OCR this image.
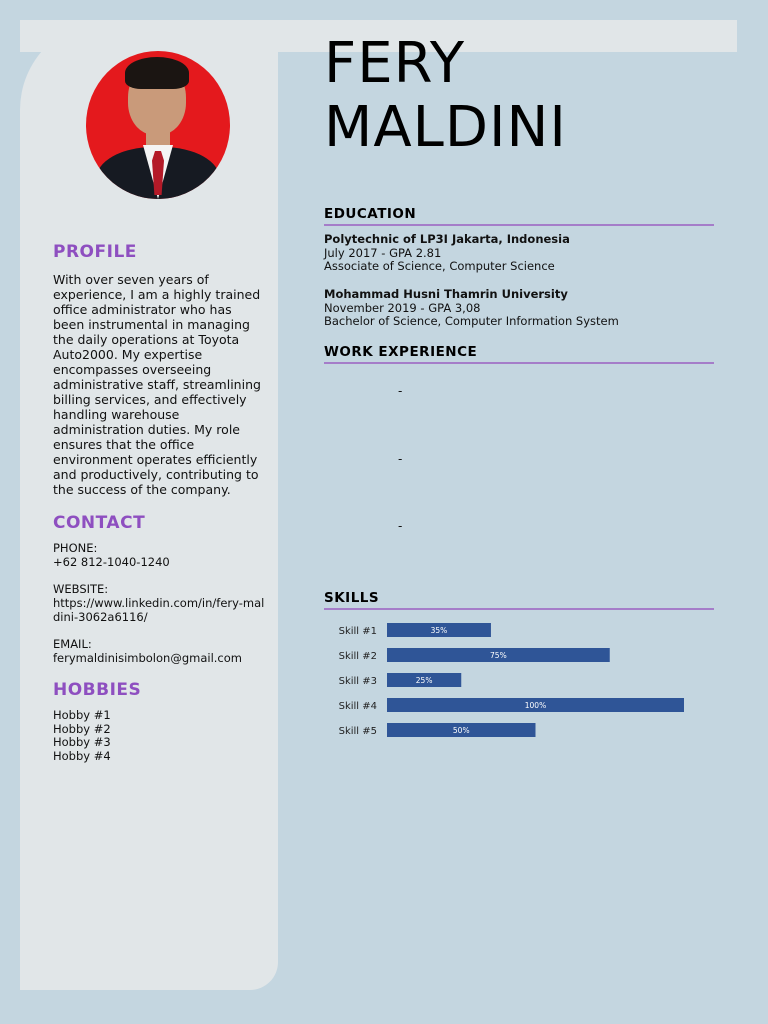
FERY
MALDINI
PROFILE

With over seven years of experience, I am a highly trained office administrator who has been instrumental in managing the daily operations at Toyota Auto2000. My expertise encompasses overseeing administrative staff, streamlining billing services, and effectively handling warehouse administration duties. My role ensures that the office environment operates efficiently and productively, contributing to the success of the company.

CONTACT

PHONE:
+62 812-1040-1240

WEBSITE:
https://www.linkedin.com/in/fery-maldini-3062a6116/

EMAIL:
ferymaldinisimbolon@gmail.com

HOBBIES
Hobby #1
Hobby #2
Hobby #3
Hobby #4
EDUCATION
Polytechnic of LP3I Jakarta, Indonesia
July 2017 - GPA 2.81
Associate of Science, Computer Science
Mohammad Husni Thamrin University
November 2019 - GPA 3,08
Bachelor of Science, Computer Information System
WORK EXPERIENCE
-
-
-
SKILLS
Skill #1	35%
Skill #2	75%
Skill #3	25%
Skill #4	100%
Skill #5	50%
